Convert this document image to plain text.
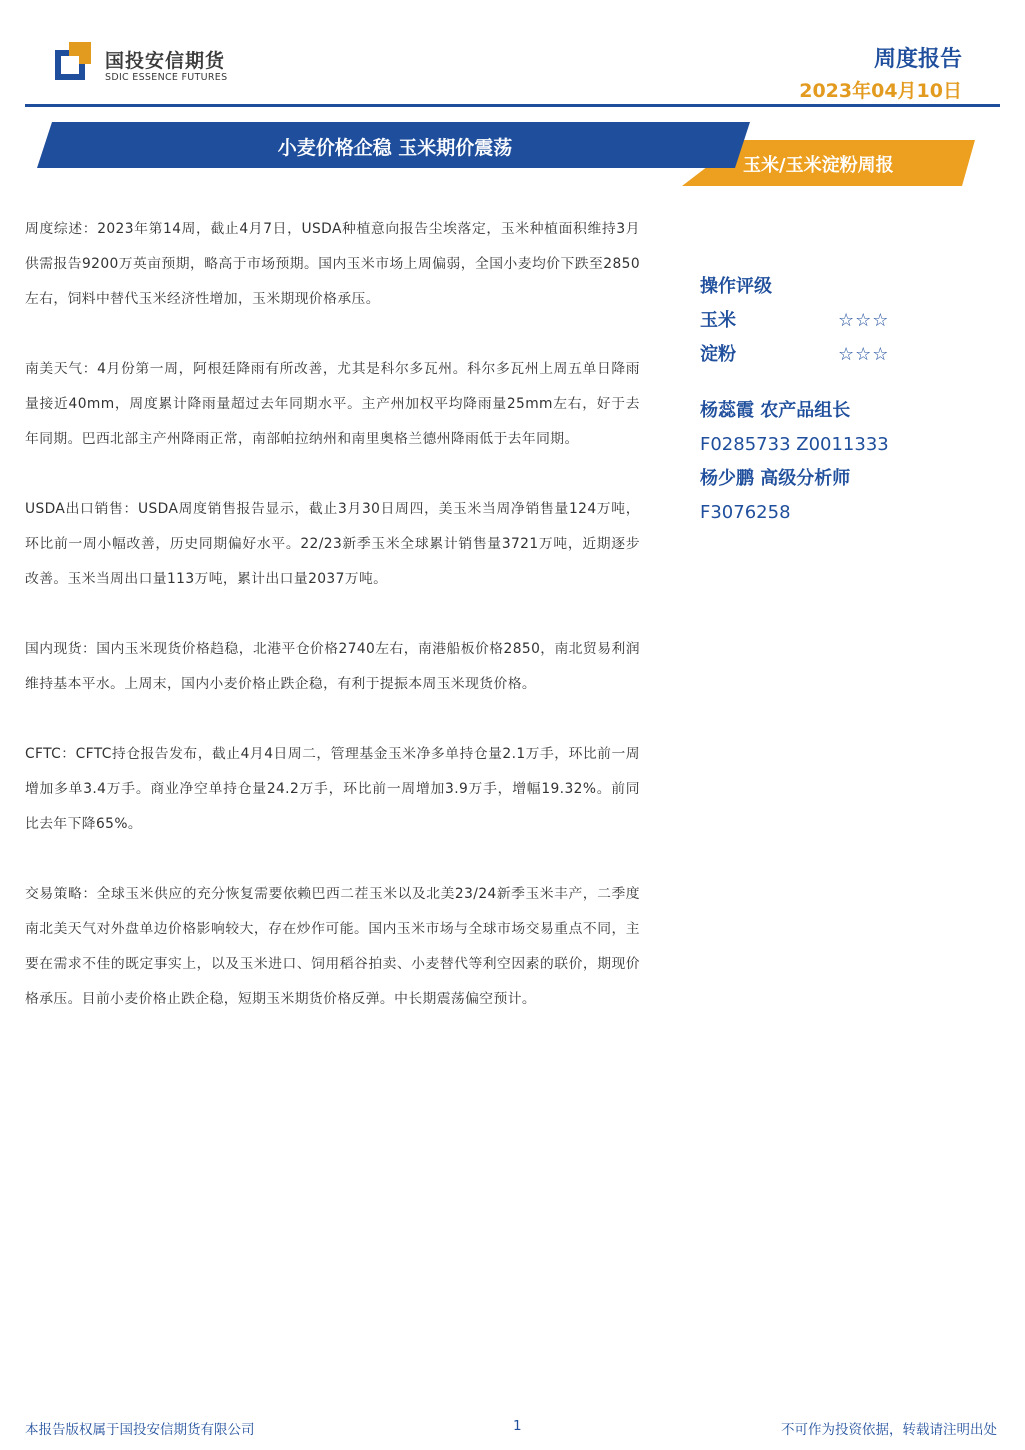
国投安信期货
SDIC ESSENCE FUTURES
周度报告
2023年04月10日
小麦价格企稳 玉米期价震荡
玉米/玉米淀粉周报

周度综述：2023年第14周，截止4月7日，USDA种植意向报告尘埃落定，玉米种植面积维持3月供需报告9200万英亩预期，略高于市场预期。国内玉米市场上周偏弱，全国小麦均价下跌至2850左右，饲料中替代玉米经济性增加，玉米期现价格承压。

南美天气：4月份第一周，阿根廷降雨有所改善，尤其是科尔多瓦州。科尔多瓦州上周五单日降雨量接近40mm，周度累计降雨量超过去年同期水平。主产州加权平均降雨量25mm左右，好于去年同期。巴西北部主产州降雨正常，南部帕拉纳州和南里奥格兰德州降雨低于去年同期。

USDA出口销售：USDA周度销售报告显示，截止3月30日周四，美玉米当周净销售量124万吨，环比前一周小幅改善，历史同期偏好水平。22/23新季玉米全球累计销售量3721万吨，近期逐步改善。玉米当周出口量113万吨，累计出口量2037万吨。

国内现货：国内玉米现货价格趋稳，北港平仓价格2740左右，南港船板价格2850，南北贸易利润维持基本平水。上周末，国内小麦价格止跌企稳，有利于提振本周玉米现货价格。

CFTC：CFTC持仓报告发布，截止4月4日周二，管理基金玉米净多单持仓量2.1万手，环比前一周增加多单3.4万手。商业净空单持仓量24.2万手，环比前一周增加3.9万手，增幅19.32%。前同比去年下降65%。

交易策略：全球玉米供应的充分恢复需要依赖巴西二茬玉米以及北美23/24新季玉米丰产，二季度南北美天气对外盘单边价格影响较大，存在炒作可能。国内玉米市场与全球市场交易重点不同，主要在需求不佳的既定事实上，以及玉米进口、饲用稻谷拍卖、小麦替代等利空因素的联价，期现价格承压。目前小麦价格止跌企稳，短期玉米期货价格反弹。中长期震荡偏空预计。

操作评级
玉米	☆☆☆
淀粉	☆☆☆
杨蕊霞 农产品组长
F0285733 Z0011333
杨少鹏 高级分析师
F3076258
本报告版权属于国投安信期货有限公司	1	不可作为投资依据，转载请注明出处
